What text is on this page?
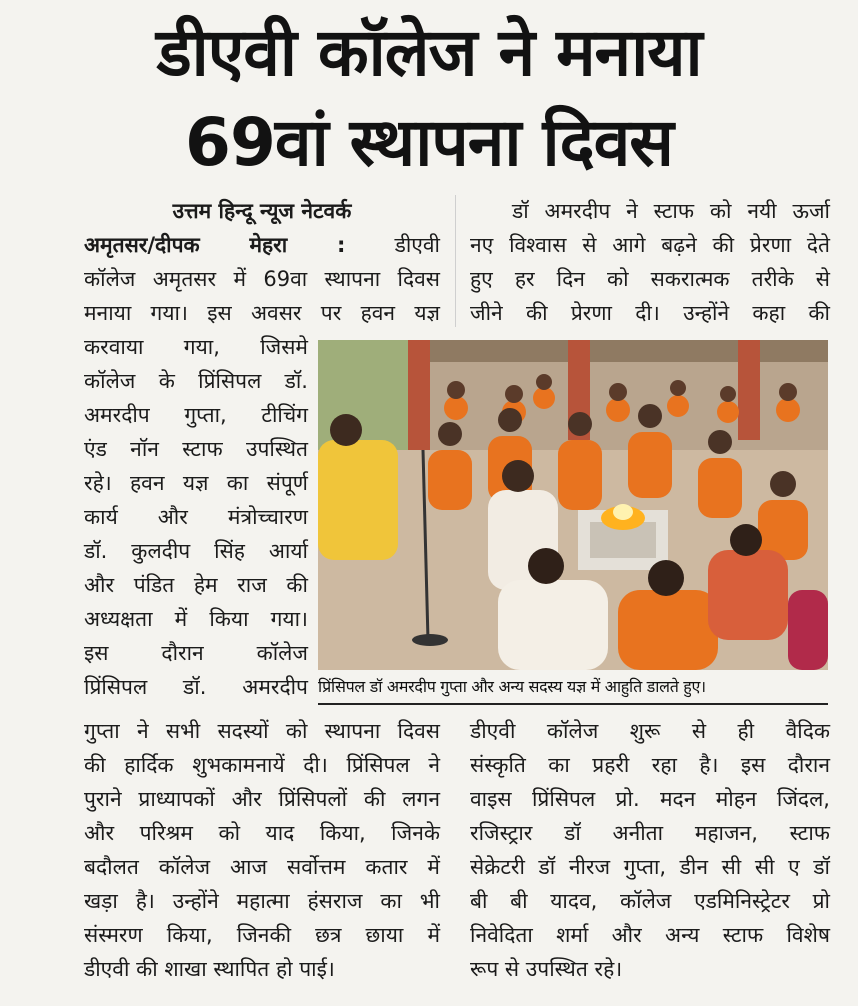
डीएवी कॉलेज ने मनाया
69वां स्थापना दिवस
उत्तम हिन्दू न्यूज नेटवर्क
अमृतसर/दीपक मेहरा : डीएवी
कॉलेज अमृतसर में 69वा स्थापना दिवस
मनाया गया। इस अवसर पर हवन यज्ञ
डॉ अमरदीप ने स्टाफ को नयी ऊर्जा
नए विश्वास से आगे बढ़ने की प्रेरणा देते
हुए हर दिन को सकरात्मक तरीके से
जीने की प्रेरणा दी। उन्होंने कहा की
करवाया गया, जिसमे
कॉलेज के प्रिंसिपल डॉ.
अमरदीप गुप्ता, टीचिंग
एंड नॉन स्टाफ उपस्थित
रहे। हवन यज्ञ का संपूर्ण
कार्य और मंत्रोच्चारण
डॉ. कुलदीप सिंह आर्या
और पंडित हेम राज की
अध्यक्षता में किया गया।
इस दौरान कॉलेज
प्रिंसिपल डॉ. अमरदीप प्रिंसिपल डॉ अमरदीप गुप्ता और अन्य सदस्य यज्ञ में आहुति डालते हुए।
गुप्ता ने सभी सदस्यों को स्थापना दिवस
की हार्दिक शुभकामनायें दी। प्रिंसिपल ने
पुराने प्राध्यापकों और प्रिंसिपलों की लगन
और परिश्रम को याद किया, जिनके
बदौलत कॉलेज आज सर्वोत्तम कतार में
खड़ा है। उन्होंने महात्मा हंसराज का भी
संस्मरण किया, जिनकी छत्र छाया में
डीएवी की शाखा स्थापित हो पाई।
डीएवी कॉलेज शुरू से ही वैदिक
संस्कृति का प्रहरी रहा है। इस दौरान
वाइस प्रिंसिपल प्रो. मदन मोहन जिंदल,
रजिस्ट्रार डॉ अनीता महाजन, स्टाफ
सेक्रेटरी डॉ नीरज गुप्ता, डीन सी सी ए डॉ
बी बी यादव, कॉलेज एडमिनिस्ट्रेटर प्रो
निवेदिता शर्मा और अन्य स्टाफ विशेष
रूप से उपस्थित रहे।
